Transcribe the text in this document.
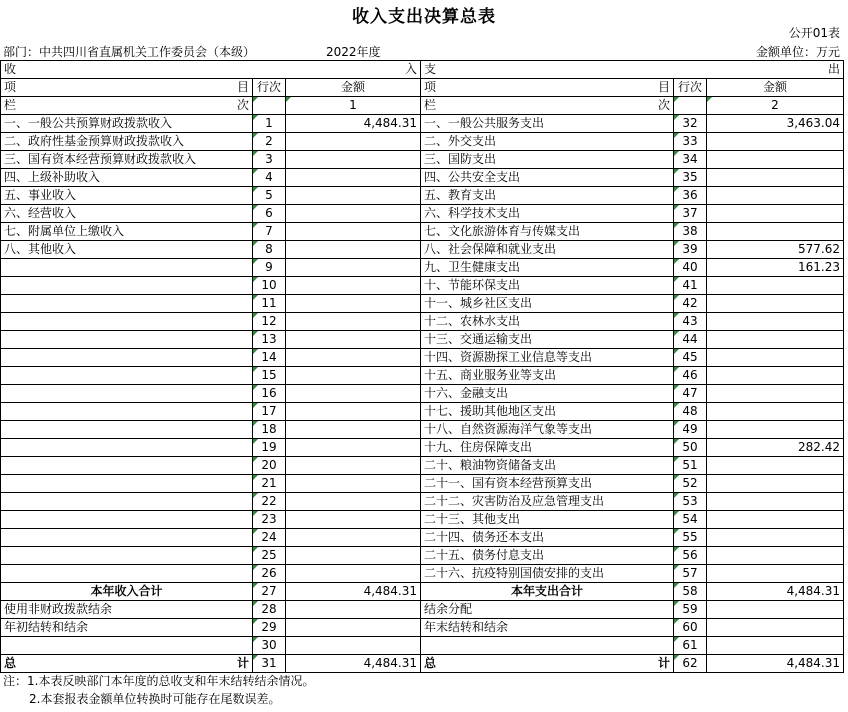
收入支出决算总表
公开01表
部门：中共四川省直属机关工作委员会（本级）	2022年度	金额单位：万元
收 入			支 出		

项 目	行次	金额	项 目	行次	金额

栏 次		1	栏 次		2
一、一般公共预算财政拨款收入	1	4,484.31	一、一般公共服务支出	32	3,463.04
二、政府性基金预算财政拨款收入	2		二、外交支出	33	
三、国有资本经营预算财政拨款收入	3		三、国防支出	34	
四、上级补助收入	4		四、公共安全支出	35	
五、事业收入	5		五、教育支出	36	
六、经营收入	6		六、科学技术支出	37	
七、附属单位上缴收入	7		七、文化旅游体育与传媒支出	38	
八、其他收入	8		八、社会保障和就业支出	39	577.62
	9		九、卫生健康支出	40	161.23
	10		十、节能环保支出	41	
	11		十一、城乡社区支出	42	
	12		十二、农林水支出	43	
	13		十三、交通运输支出	44	
	14		十四、资源勘探工业信息等支出	45	
	15		十五、商业服务业等支出	46	
	16		十六、金融支出	47	
	17		十七、援助其他地区支出	48	
	18		十八、自然资源海洋气象等支出	49	
	19		十九、住房保障支出	50	282.42
	20		二十、粮油物资储备支出	51	
	21		二十一、国有资本经营预算支出	52	
	22		二十二、灾害防治及应急管理支出	53	
	23		二十三、其他支出	54	
	24		二十四、债务还本支出	55	
	25		二十五、债务付息支出	56	
	26		二十六、抗疫特别国债安排的支出	57	
本年收入合计	27	4,484.31	本年支出合计	58	4,484.31
使用非财政拨款结余	28		结余分配	59	
年初结转和结余	29		年末结转和结余	60	
	30			61	

总 计	31	4,484.31	总 计	62	4,484.31
注：1.本表反映部门本年度的总收支和年末结转结余情况。
2.本套报表金额单位转换时可能存在尾数误差。
